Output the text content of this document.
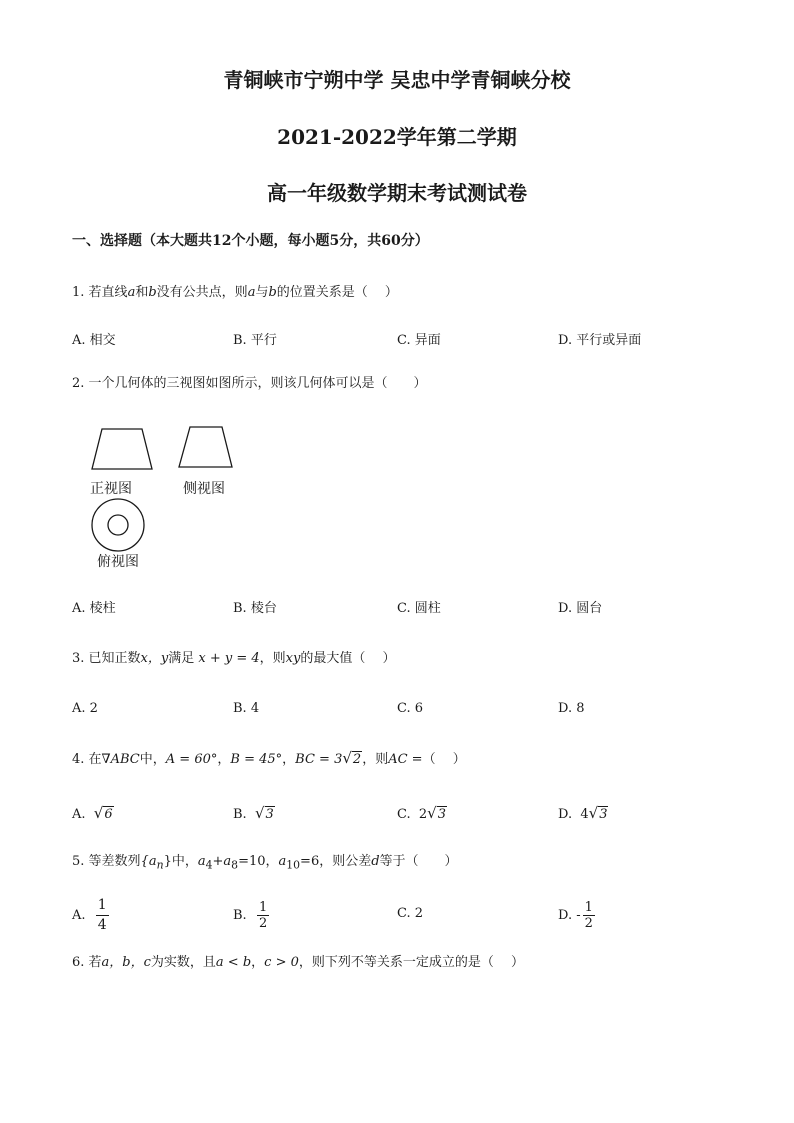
青铜峡市宁朔中学 吴忠中学青铜峡分校
2021-2022学年第二学期
高一年级数学期末考试测试卷
一、选择题（本大题共12个小题，每小题5分，共60分）
1. 若直线a和b没有公共点，则a与b的位置关系是（　 ）
A. 相交	B. 平行	C. 异面	D. 平行或异面
2. 一个几何体的三视图如图所示，则该几何体可以是（　　）
正视图	侧视图
俯视图
A. 棱柱	B. 棱台	C. 圆柱	D. 圆台
3. 已知正数x，y满足 x + y = 4，则xy的最大值（　 ）
A. 2	B. 4	C. 6	D. 8
4. 在∇ABC中，A = 60°，B = 45°，BC = 3√2，则AC =（　 ）
A. √6	B. √3	C. 2√3	D. 4√3
5. 等差数列$\{a_n\}$中，$a_4+a_8=10$，$a_{10}=6$，则公差d等于（　　）
A. $\frac{1}{4}$	B. $\frac{1}{2}$	C. 2	D. - $\frac{1}{2}$
6. 若a，b，c为实数，且a < b，c > 0，则下列不等关系一定成立的是（　 ）
